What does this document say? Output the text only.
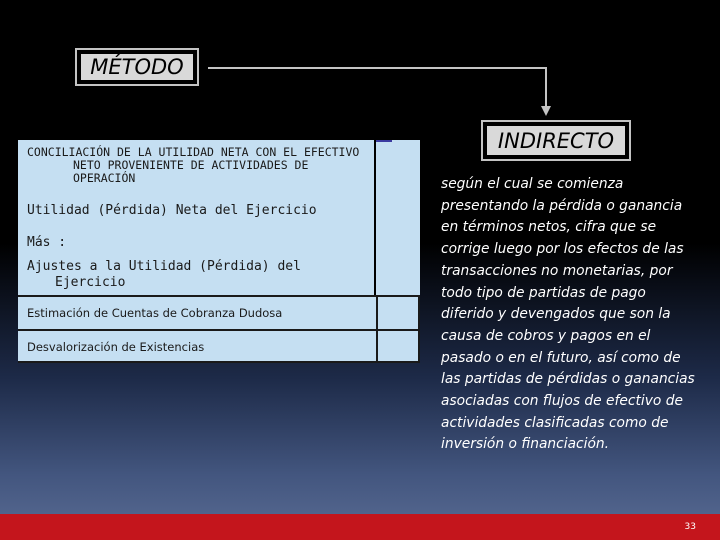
MÉTODO
INDIRECTO
CONCILIACIÓN DE LA UTILIDAD NETA CON EL EFECTIVO NETO PROVENIENTE DE ACTIVIDADES DE OPERACIÓN
Utilidad (Pérdida) Neta del Ejercicio
Más :
Ajustes a la Utilidad (Pérdida) del Ejercicio
Estimación de Cuentas de Cobranza Dudosa
Desvalorización de Existencias
según el cual se comienza presentando la pérdida o ganancia en términos netos, cifra que se corrige luego por los efectos de las transacciones no monetarias, por todo tipo de partidas de pago diferido y devengados que son la causa de cobros y pagos en el pasado o en el futuro, así como de las partidas de pérdidas o ganancias asociadas con flujos de efectivo de actividades clasificadas como de inversión o financiación.
33
